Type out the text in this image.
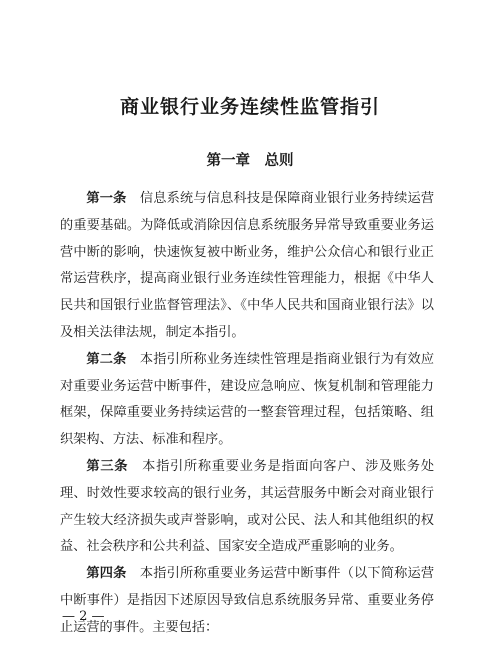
商业银行业务连续性监管指引
第一章　总则

第一条　 信息系统与信息科技是保障商业银行业务持续运营的重要基础。为降低或消除因信息系统服务异常导致重要业务运营中断的影响，快速恢复被中断业务，维护公众信心和银行业正常运营秩序，提高商业银行业务连续性管理能力，根据《中华人民共和国银行业监督管理法》、《中华人民共和国商业银行法》以及相关法律法规，制定本指引。

第二条　 本指引所称业务连续性管理是指商业银行为有效应对重要业务运营中断事件，建设应急响应、恢复机制和管理能力框架，保障重要业务持续运营的一整套管理过程，包括策略、组织架构、方法、标准和程序。

第三条　 本指引所称重要业务是指面向客户、涉及账务处理、时效性要求较高的银行业务，其运营服务中断会对商业银行产生较大经济损失或声誉影响，或对公民、法人和其他组织的权益、社会秩序和公共利益、国家安全造成严重影响的业务。

第四条　 本指引所称重要业务运营中断事件（以下简称运营中断事件）是指因下述原因导致信息系统服务异常、重要业务停止运营的事件。主要包括：

— 2 —
